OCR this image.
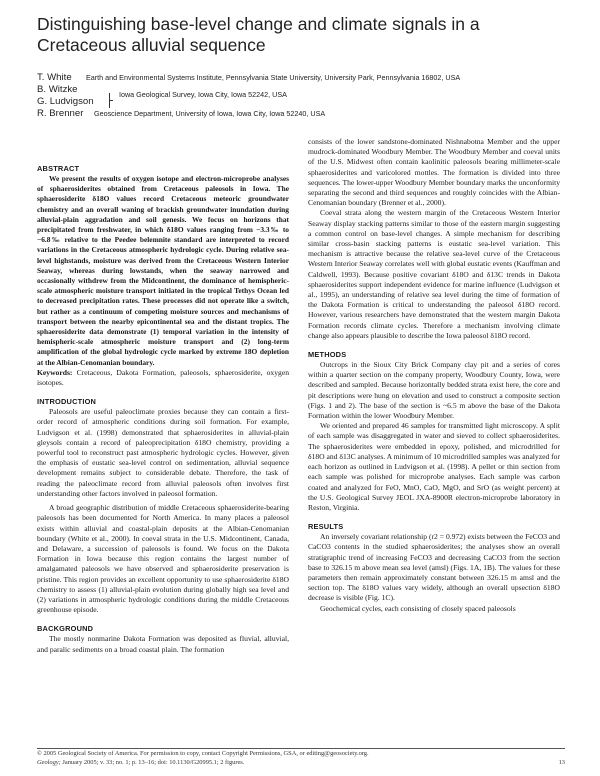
Distinguishing base-level change and climate signals in a Cretaceous alluvial sequence
T. White Earth and Environmental Systems Institute, Pennsylvania State University, University Park, Pennsylvania 16802, USA
B. Witzke	Iowa Geological Survey, Iowa City, Iowa 52242, USA
G. Ludvigson
R. Brenner Geoscience Department, University of Iowa, Iowa City, Iowa 52240, USA
ABSTRACT

We present the results of oxygen isotope and electron-microprobe analyses of sphaerosiderites obtained from Cretaceous paleosols in Iowa. The sphaerosiderite δ18O values record Cretaceous meteoric groundwater chemistry and an overall waning of brackish groundwater inundation during alluvial-plain aggradation and soil genesis. We focus on horizons that precipitated from freshwater, in which δ18O values ranging from −3.3‰ to −6.8‰ relative to the Peedee belemnite standard are interpreted to record variations in the Cretaceous atmospheric hydrologic cycle. During relative sea-level highstands, moisture was derived from the Cretaceous Western Interior Seaway, whereas during lowstands, when the seaway narrowed and occasionally withdrew from the Midcontinent, the dominance of hemispheric-scale atmospheric moisture transport initiated in the tropical Tethys Ocean led to decreased precipitation rates. These processes did not operate like a switch, but rather as a continuum of competing moisture sources and mechanisms of transport between the nearby epicontinental sea and the distant tropics. The sphaerosiderite data demonstrate (1) temporal variation in the intensity of hemispheric-scale atmospheric moisture transport and (2) long-term amplification of the global hydrologic cycle marked by extreme 18O depletion at the Albian-Cenomanian boundary.

Keywords: Cretaceous, Dakota Formation, paleosols, sphaerosiderite, oxygen isotopes.

INTRODUCTION

Paleosols are useful paleoclimate proxies because they can contain a first-order record of atmospheric conditions during soil formation. For example, Ludvigson et al. (1998) demonstrated that sphaerosiderites in alluvial-plain gleysols contain a record of paleoprecipitation δ18O chemistry, providing a powerful tool to reconstruct past atmospheric hydrologic cycles. However, given the emphasis of eustatic sea-level control on sedimentation, alluvial sequence development remains subject to considerable debate. Therefore, the task of reading the paleoclimate record from alluvial paleosols often involves first understanding other factors involved in paleosol formation.

A broad geographic distribution of middle Cretaceous sphaerosiderite-bearing paleosols has been documented for North America. In many places a paleosol exists within alluvial and coastal-plain deposits at the Albian-Cenomanian boundary (White et al., 2000). In coeval strata in the U.S. Midcontinent, Canada, and Delaware, a succession of paleosols is found. We focus on the Dakota Formation in Iowa because this region contains the largest number of amalgamated paleosols we have observed and sphaerosiderite preservation is pristine. This region provides an excellent opportunity to use sphaerosiderite δ18O chemistry to assess (1) alluvial-plain evolution during globally high sea level and (2) variations in atmospheric hydrologic conditions during the middle Cretaceous greenhouse episode.

BACKGROUND

The mostly nonmarine Dakota Formation was deposited as fluvial, alluvial, and paralic sediments on a broad coastal plain. The formation

consists of the lower sandstone-dominated Nishnabotna Member and the upper mudrock-dominated Woodbury Member. The Woodbury Member and coeval units of the U.S. Midwest often contain kaolinitic paleosols bearing millimeter-scale sphaerosiderites and varicolored mottles. The formation is divided into three sequences. The lower-upper Woodbury Member boundary marks the unconformity separating the second and third sequences and roughly coincides with the Albian-Cenomanian boundary (Brenner et al., 2000).

Coeval strata along the western margin of the Cretaceous Western Interior Seaway display stacking patterns similar to those of the eastern margin suggesting a common control on base-level changes. A simple mechanism for describing similar cross-basin stacking patterns is eustatic sea-level variation. This mechanism is attractive because the relative sea-level curve of the Cretaceous Western Interior Seaway correlates well with global eustatic events (Kauffman and Caldwell, 1993). Because positive covariant δ18O and δ13C trends in Dakota sphaerosiderites support independent evidence for marine influence (Ludvigson et al., 1995), an understanding of relative sea level during the time of formation of the Dakota Formation is critical to understanding the paleosol δ18O record. However, various researchers have demonstrated that the western margin Dakota Formation records climate cycles. Therefore a mechanism involving climate change also appears plausible to describe the Iowa paleosol δ18O record.

METHODS

Outcrops in the Sioux City Brick Company clay pit and a series of cores within a quarter section on the company property, Woodbury County, Iowa, were described and sampled. Because horizontally bedded strata exist here, the core and pit descriptions were hung on elevation and used to construct a composite section (Figs. 1 and 2). The base of the section is ~6.5 m above the base of the Dakota Formation within the lower Woodbury Member.

We oriented and prepared 46 samples for transmitted light microscopy. A split of each sample was disaggregated in water and sieved to collect sphaerosiderites. The sphaerosiderites were embedded in epoxy, polished, and microdrilled for δ18O and δ13C analyses. A minimum of 10 microdrilled samples was analyzed for each horizon as outlined in Ludvigson et al. (1998). A pellet or thin section from each sample was polished for microprobe analyses. Each sample was carbon coated and analyzed for FeO, MnO, CaO, MgO, and SrO (as weight percent) at the U.S. Geological Survey JEOL JXA-8900R electron-microprobe laboratory in Reston, Virginia.

RESULTS

An inversely covariant relationship (r2 = 0.972) exists between the FeCO3 and CaCO3 contents in the studied sphaerosiderites; the analyses show an overall stratigraphic trend of increasing FeCO3 and decreasing CaCO3 from the section base to 326.15 m above mean sea level (amsl) (Figs. 1A, 1B). The values for these parameters then remain approximately constant between 326.15 m amsl and the section top. The δ18O values vary widely, although an overall upsection δ18O decrease is visible (Fig. 1C).

Geochemical cycles, each consisting of closely spaced paleosols

© 2005 Geological Society of America. For permission to copy, contact Copyright Permissions, GSA, or editing@geosociety.org.
Geology; January 2005; v. 33; no. 1; p. 13–16; doi: 10.1130/G20995.1; 2 figures.	13
